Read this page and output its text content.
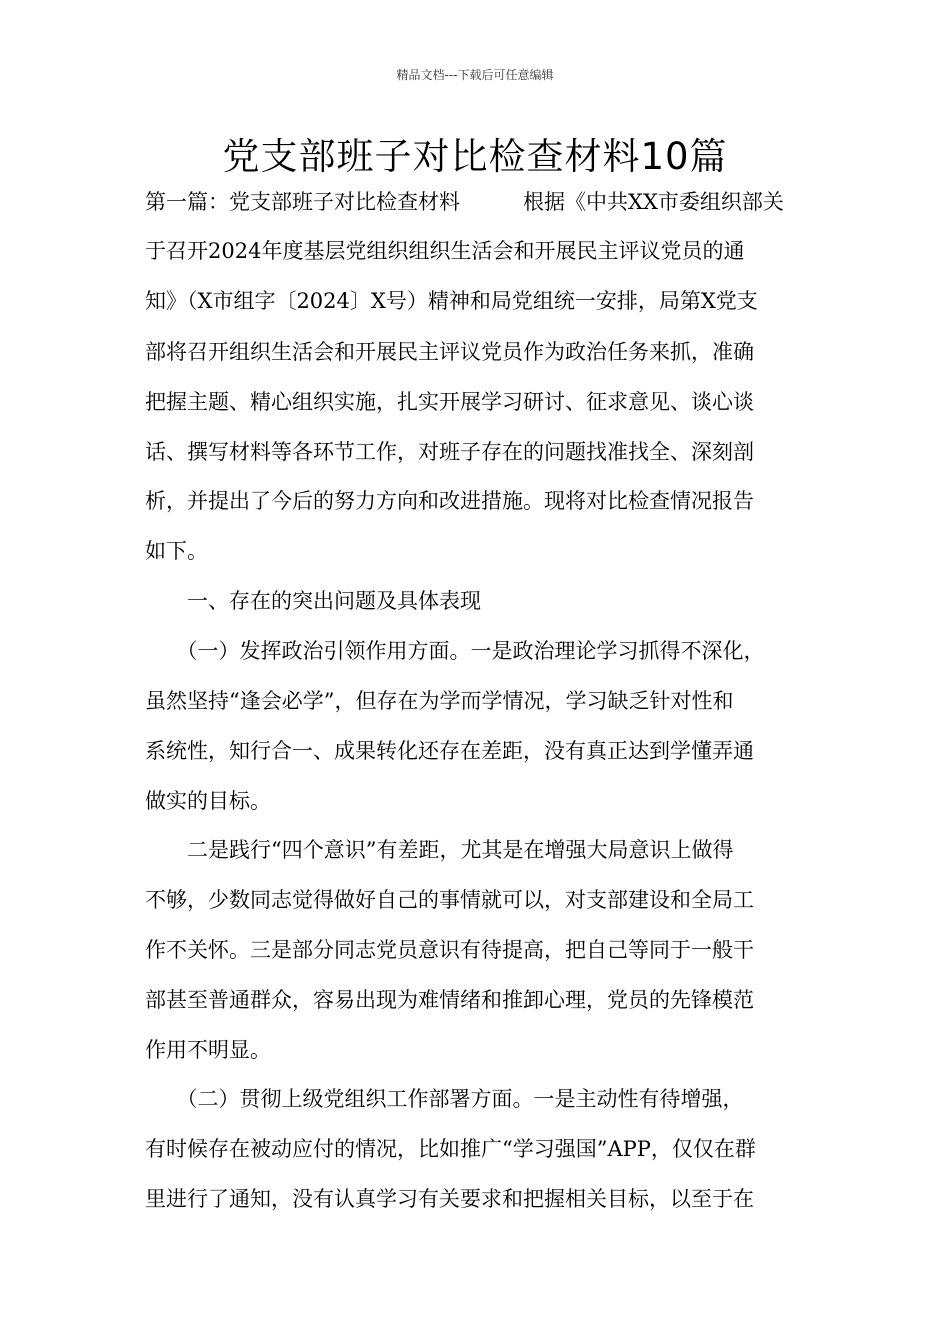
精品文档---下载后可任意编辑
党支部班子对比检查材料10篇
第一篇：党支部班子对比检查材料　　　根据《中共XX市委组织部关
于召开2024年度基层党组织组织生活会和开展民主评议党员的通
知》（X市组字〔2024〕X号）精神和局党组统一安排，局第X党支
部将召开组织生活会和开展民主评议党员作为政治任务来抓，准确
把握主题、精心组织实施，扎实开展学习研讨、征求意见、谈心谈
话、撰写材料等各环节工作，对班子存在的问题找准找全、深刻剖
析，并提出了今后的努力方向和改进措施。现将对比检查情况报告
如下。
　　一、存在的突出问题及具体表现
　　（一）发挥政治引领作用方面。一是政治理论学习抓得不深化，
虽然坚持“逢会必学”，但存在为学而学情况，学习缺乏针对性和
系统性，知行合一、成果转化还存在差距，没有真正达到学懂弄通
做实的目标。
　　二是践行“四个意识”有差距，尤其是在增强大局意识上做得
不够，少数同志觉得做好自己的事情就可以，对支部建设和全局工
作不关怀。三是部分同志党员意识有待提高，把自己等同于一般干
部甚至普通群众，容易出现为难情绪和推卸心理，党员的先锋模范
作用不明显。
　　（二）贯彻上级党组织工作部署方面。一是主动性有待增强，
有时候存在被动应付的情况，比如推广“学习强国”APP，仅仅在群
里进行了通知，没有认真学习有关要求和把握相关目标，以至于在
